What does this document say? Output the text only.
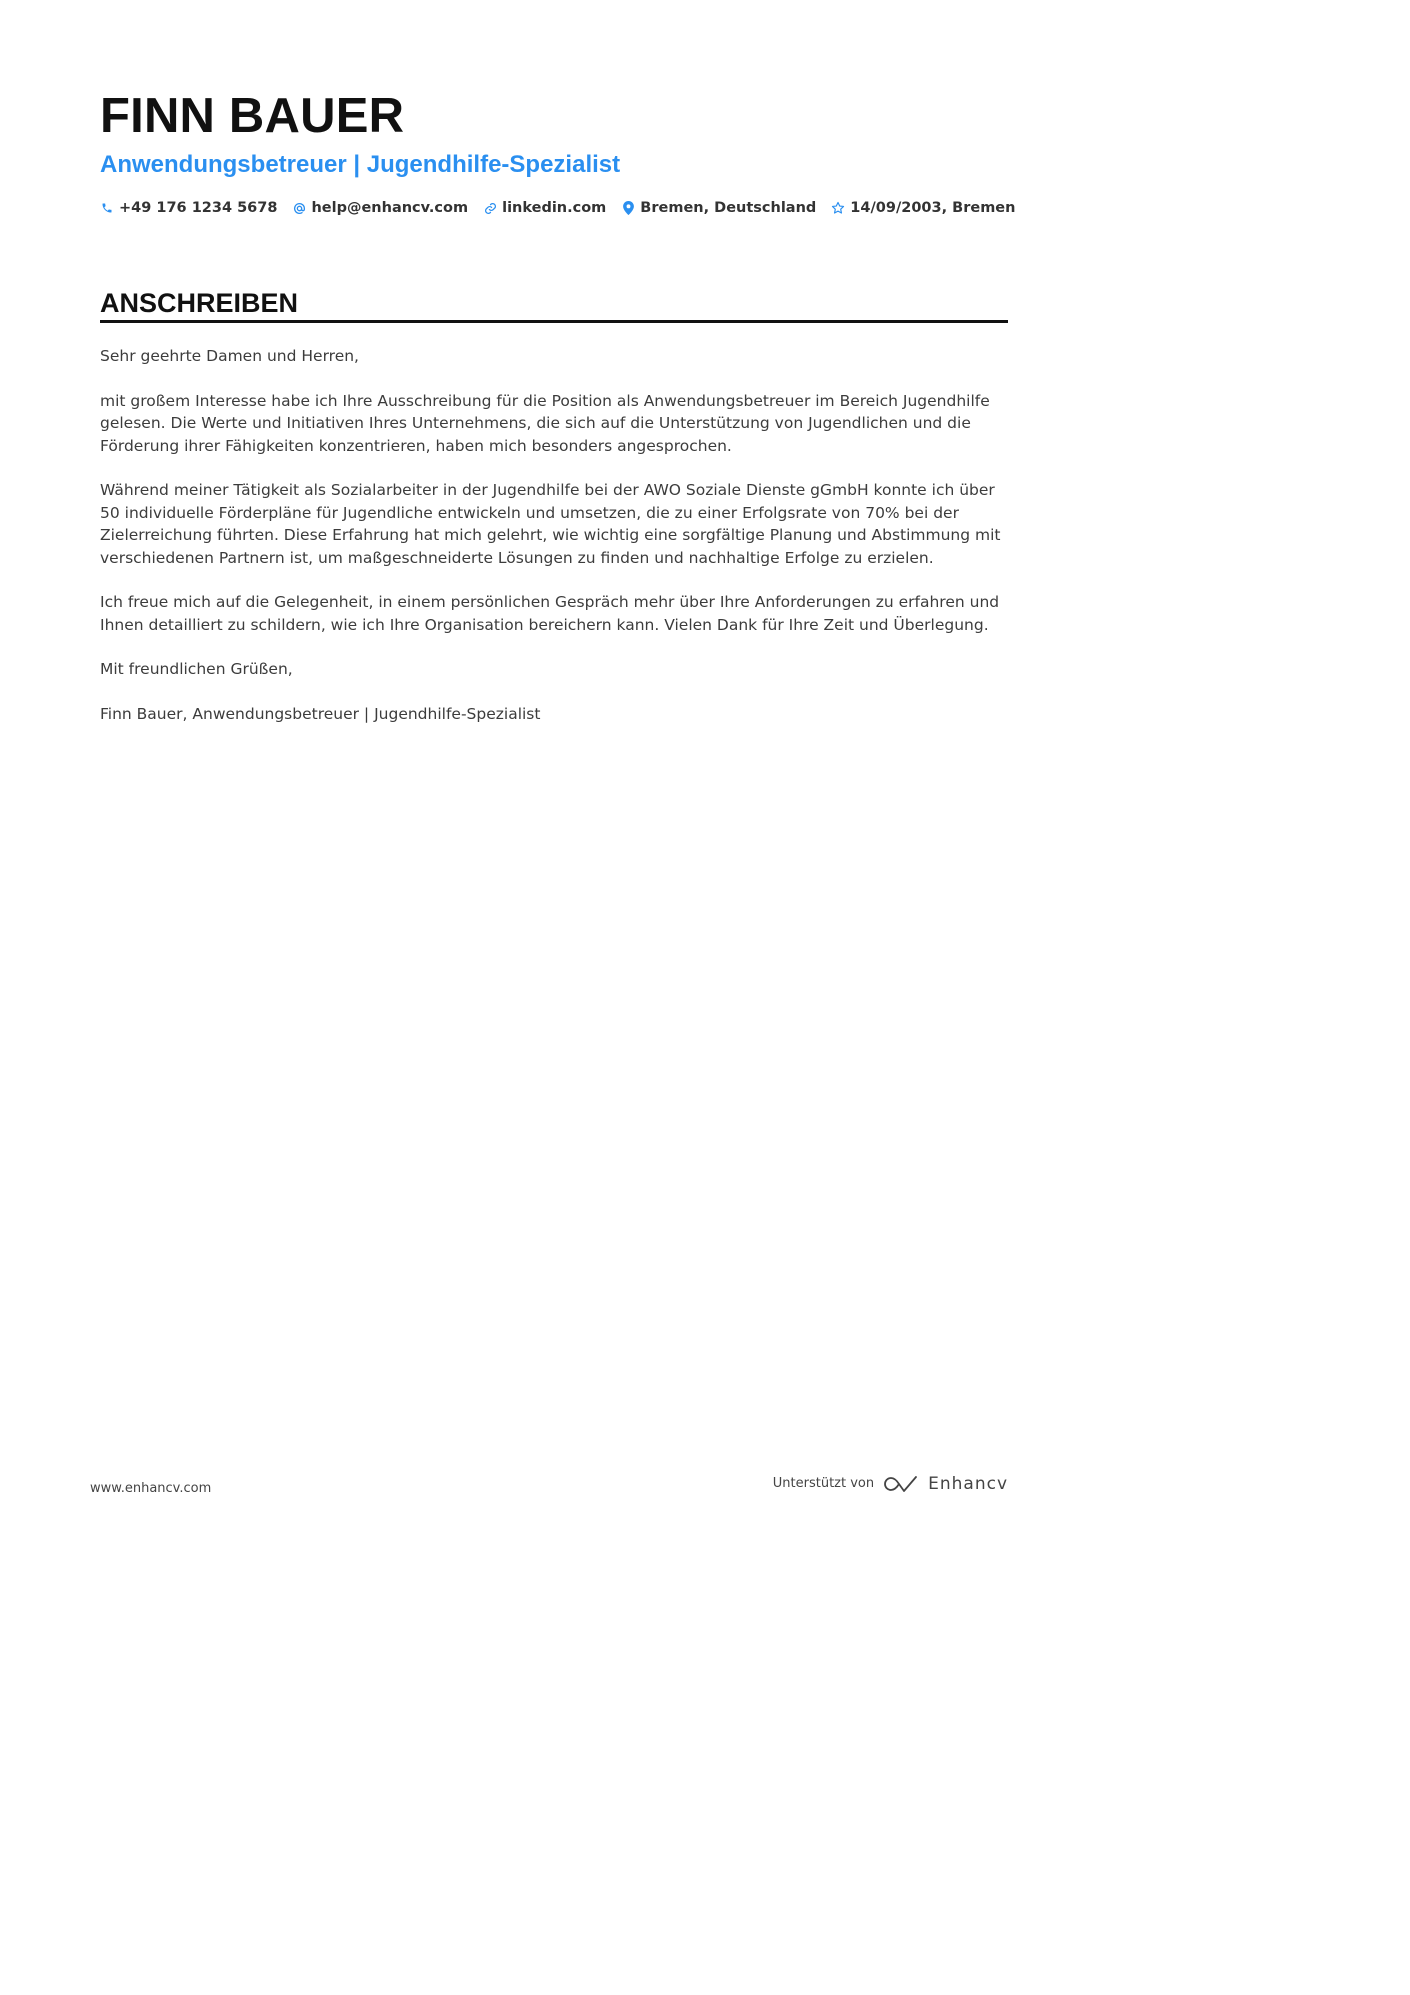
FINN BAUER
Anwendungsbetreuer | Jugendhilfe-Spezialist
+49 176 1234 5678 help@enhancv.com linkedin.com Bremen, Deutschland 14/09/2003, Bremen
ANSCHREIBEN

Sehr geehrte Damen und Herren,

mit großem Interesse habe ich Ihre Ausschreibung für die Position als Anwendungsbetreuer im Bereich Jugendhilfe gelesen. Die Werte und Initiativen Ihres Unternehmens, die sich auf die Unterstützung von Jugendlichen und die Förderung ihrer Fähigkeiten konzentrieren, haben mich besonders angesprochen.

Während meiner Tätigkeit als Sozialarbeiter in der Jugendhilfe bei der AWO Soziale Dienste gGmbH konnte ich über 50 individuelle Förderpläne für Jugendliche entwickeln und umsetzen, die zu einer Erfolgsrate von 70% bei der Zielerreichung führten. Diese Erfahrung hat mich gelehrt, wie wichtig eine sorgfältige Planung und Abstimmung mit verschiedenen Partnern ist, um maßgeschneiderte Lösungen zu finden und nachhaltige Erfolge zu erzielen.

Ich freue mich auf die Gelegenheit, in einem persönlichen Gespräch mehr über Ihre Anforderungen zu erfahren und Ihnen detailliert zu schildern, wie ich Ihre Organisation bereichern kann. Vielen Dank für Ihre Zeit und Überlegung.

Mit freundlichen Grüßen,

Finn Bauer, Anwendungsbetreuer | Jugendhilfe-Spezialist

www.enhancv.com	Unterstützt von	Enhancv
